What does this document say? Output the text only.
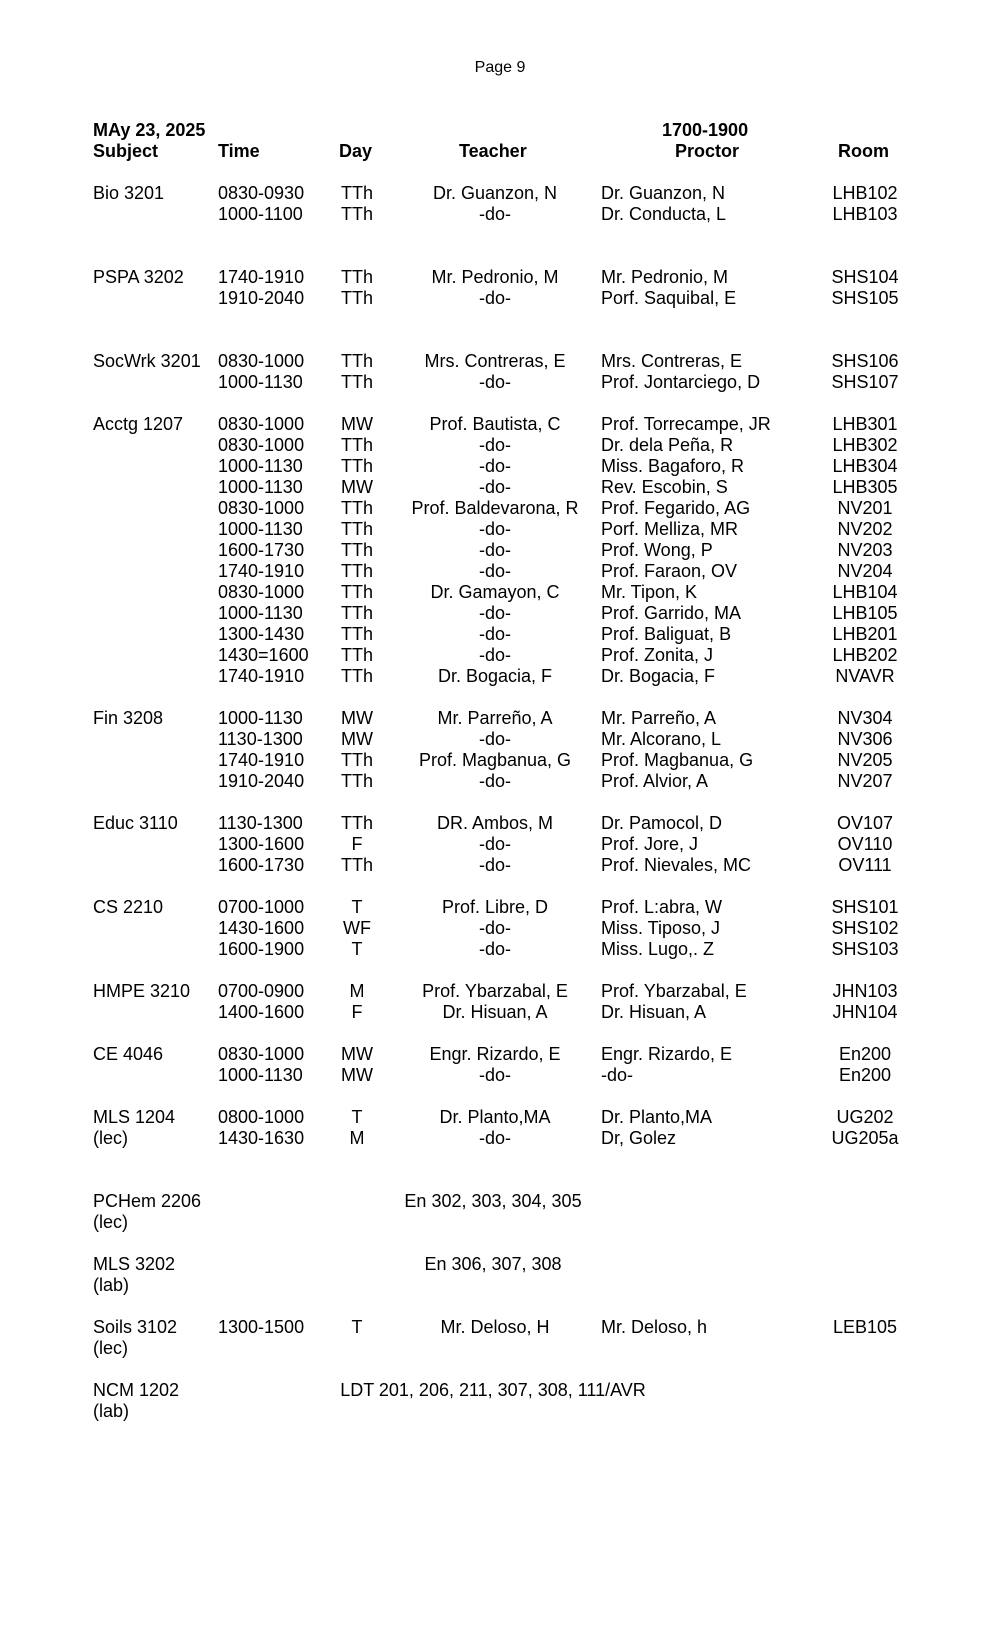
Page 9
MAy 23, 2025	1700-1900
Subject	Time	Day	Teacher	Proctor	Room
Bio 3201	0830-0930 TTh	Dr. Guanzon, N	Dr. Guanzon, N	LHB102
1000-1100 TTh	-do-	Dr. Conducta, L	LHB103
PSPA 3202 1740-1910 TTh	Mr. Pedronio, M	Mr. Pedronio, M	SHS104
1910-2040 TTh	-do-	Porf. Saquibal, E	SHS105
SocWrk 3201 0830-1000 TTh	Mrs. Contreras, E	Mrs. Contreras, E	SHS106
1000-1130 TTh	-do-	Prof. Jontarciego, D	SHS107
Acctg 1207 0830-1000 MW	Prof. Bautista, C	Prof. Torrecampe, JR	LHB301
0830-1000 TTh	-do-	Dr. dela Peña, R	LHB302
1000-1130 TTh	-do-	Miss. Bagaforo, R	LHB304
1000-1130 MW	-do-	Rev. Escobin, S	LHB305
0830-1000 TTh	Prof. Baldevarona, R	Prof. Fegarido, AG	NV201
1000-1130 TTh	-do-	Porf. Melliza, MR	NV202
1600-1730 TTh	-do-	Prof. Wong, P	NV203
1740-1910 TTh	-do-	Prof. Faraon, OV	NV204
0830-1000 TTh	Dr. Gamayon, C	Mr. Tipon, K	LHB104
1000-1130 TTh	-do-	Prof. Garrido, MA	LHB105
1300-1430 TTh	-do-	Prof. Baliguat, B	LHB201
1430=1600 TTh	-do-	Prof. Zonita, J	LHB202
1740-1910 TTh	Dr. Bogacia, F	Dr. Bogacia, F	NVAVR
Fin 3208	1000-1130 MW	Mr. Parreño, A	Mr. Parreño, A	NV304
1130-1300 MW	-do-	Mr. Alcorano, L	NV306
1740-1910 TTh	Prof. Magbanua, G	Prof. Magbanua, G	NV205
1910-2040 TTh	-do-	Prof. Alvior, A	NV207
Educ 3110 1130-1300 TTh	DR. Ambos, M	Dr. Pamocol, D	OV107
1300-1600	F	-do-	Prof. Jore, J	OV110
1600-1730 TTh	-do-	Prof. Nievales, MC	OV111
CS 2210	0700-1000	T	Prof. Libre, D	Prof. L:abra, W	SHS101
1430-1600 WF	-do-	Miss. Tiposo, J	SHS102
1600-1900	T	-do-	Miss. Lugo,. Z	SHS103
HMPE 3210 0700-0900	M	Prof. Ybarzabal, E	Prof. Ybarzabal, E	JHN103
1400-1600	F	Dr. Hisuan, A	Dr. Hisuan, A	JHN104
CE 4046	0830-1000 MW	Engr. Rizardo, E	Engr. Rizardo, E	En200
1000-1130 MW	-do-	-do-	En200
MLS 1204 0800-1000	T	Dr. Planto,MA	Dr. Planto,MA	UG202
(lec)	1430-1630	M	-do-	Dr, Golez	UG205a
PCHem 2206	En 302, 303, 304, 305
(lec)
MLS 3202	En 306, 307, 308
(lab)
Soils 3102 1300-1500	T	Mr. Deloso, H	Mr. Deloso, h	LEB105
(lec)
NCM 1202	LDT 201, 206, 211, 307, 308, 111/AVR
(lab)
